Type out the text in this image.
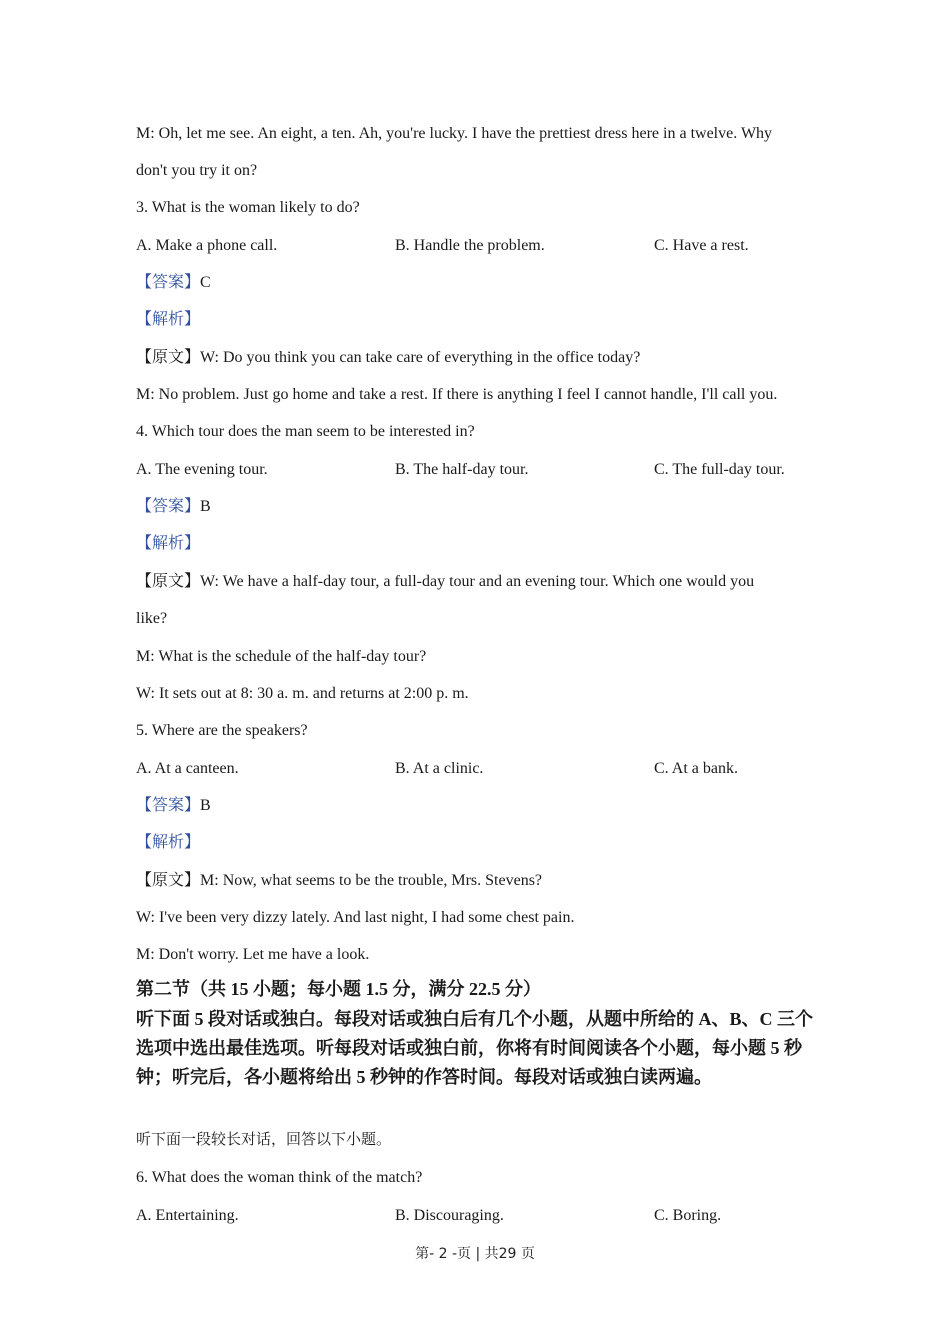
M: Oh, let me see. An eight, a ten. Ah, you're lucky. I have the prettiest dress here in a twelve. Why
don't you try it on?
3. What is the woman likely to do?
A. Make a phone call.	B. Handle the problem.	C. Have a rest.
【答案】C
【解析】
【原文】W: Do you think you can take care of everything in the office today?
M: No problem. Just go home and take a rest. If there is anything I feel I cannot handle, I'll call you.
4. Which tour does the man seem to be interested in?
A. The evening tour.	B. The half-day tour.	C. The full-day tour.
【答案】B
【解析】
【原文】W: We have a half-day tour, a full-day tour and an evening tour. Which one would you
like?
M: What is the schedule of the half-day tour?
W: It sets out at 8: 30 a. m. and returns at 2:00 p. m.
5. Where are the speakers?
A. At a canteen.	B. At a clinic.	C. At a bank.
【答案】B
【解析】
【原文】M: Now, what seems to be the trouble, Mrs. Stevens?
W: I've been very dizzy lately. And last night, I had some chest pain.
M: Don't worry. Let me have a look.
第二节（共 15 小题；每小题 1.5 分，满分 22.5 分）
听下面 5 段对话或独白。每段对话或独白后有几个小题，从题中所给的 A、B、C 三个选项中选出最佳选项。听每段对话或独白前，你将有时间阅读各个小题，每小题 5 秒钟；听完后，各小题将给出 5 秒钟的作答时间。每段对话或独白读两遍。
听下面一段较长对话，回答以下小题。
6. What does the woman think of the match?
A. Entertaining.	B. Discouraging.	C. Boring.
第- 2 -页 | 共29 页
